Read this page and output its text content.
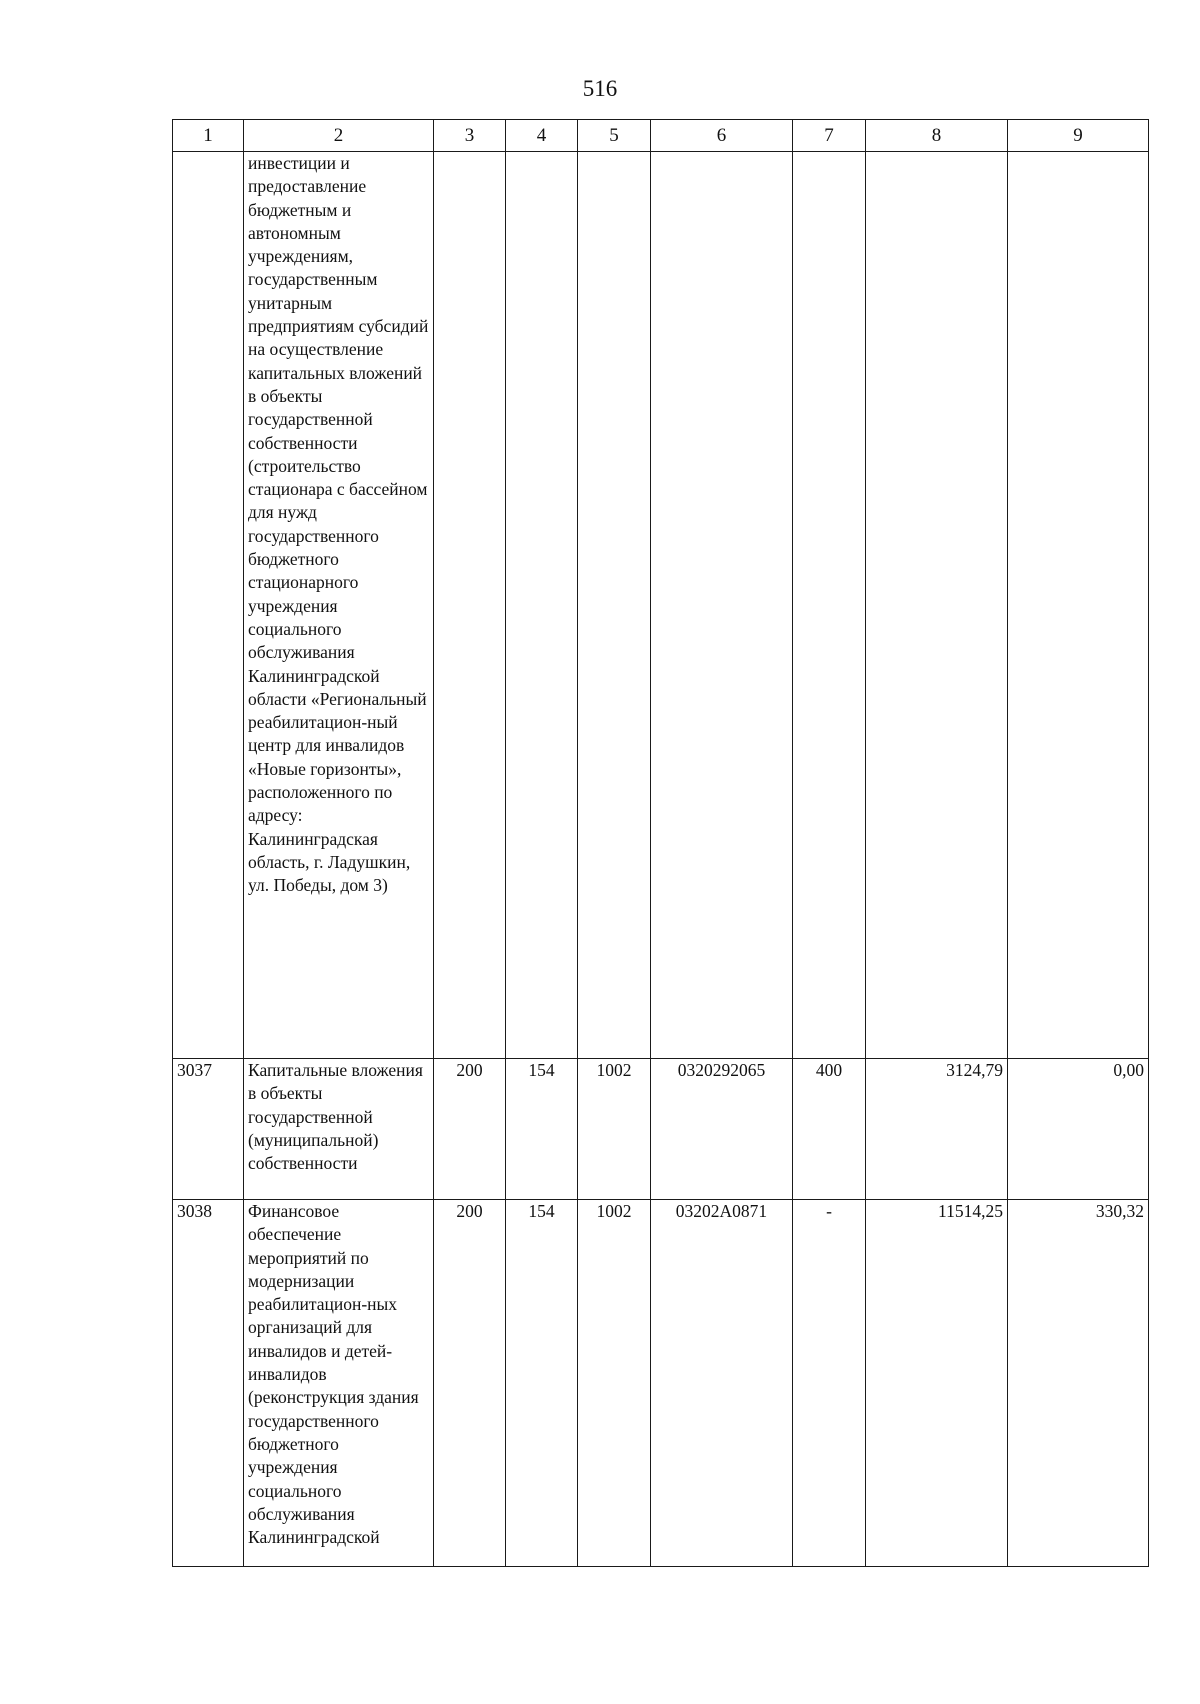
516
1	2	3	4	5	6	7	8	9
	инвестиции и предоставление бюджетным и автономным учреждениям, государственным унитарным предприятиям субсидий на осуществление капитальных вложений в объекты государственной собственности (строительство стационара с бассейном для нужд государственного бюджетного стационарного учреждения социального обслуживания Калининградской области «Региональный реабилитацион-ный центр для инвалидов «Новые горизонты», расположенного по адресу: Калининградская область, г. Ладушкин, ул. Победы, дом 3)							
3037	Капитальные вложения в объекты государственной (муниципальной) собственности	200	154	1002	0320292065	400	3124,79	0,00
3038	Финансовое обеспечение мероприятий по модернизации реабилитацион-ных организаций для инвалидов и детей-инвалидов (реконструкция здания государственного бюджетного учреждения социального обслуживания Калининградской	200	154	1002	03202А0871	-	11514,25	330,32
